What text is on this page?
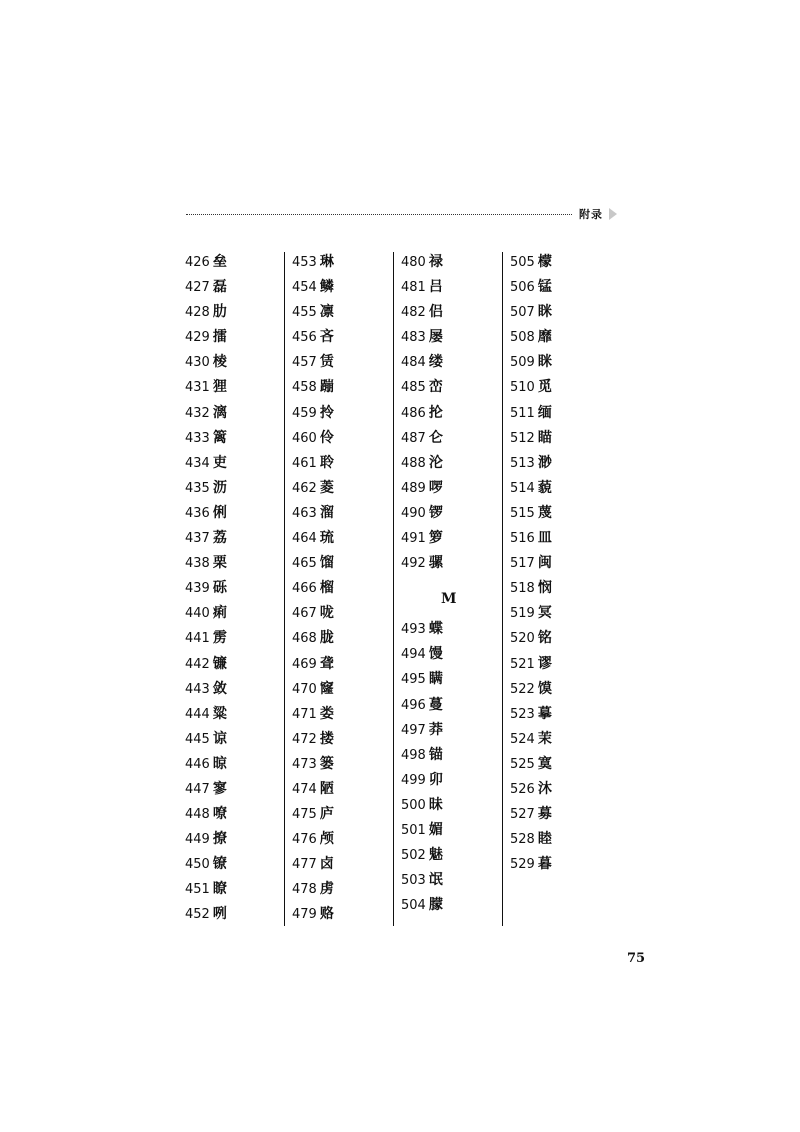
附录
426 垒
427 磊
428 肋
429 擂
430 棱
431 狸
432 漓
433 篱
434 吏
435 沥
436 俐
437 荔
438 栗
439 砾
440 痢
441 雳
442 镰
443 敛
444 粱
445 谅
446 晾
447 寥
448 嘹
449 撩
450 镣
451 瞭
452 咧
453 琳
454 鳞
455 凛
456 吝
457 赁
458 蹦
459 拎
460 伶
461 聆
462 菱
463 溜
464 琉
465 馏
466 榴
467 咙
468 胧
469 聋
470 窿
471 娄
472 搂
473 篓
474 陋
475 庐
476 颅
477 卤
478 虏
479 赂
480 禄
481 吕
482 侣
483 屡
484 缕
485 峦
486 抡
487 仑
488 沦
489 啰
490 锣
491 箩
492 骡
M
493 蝶
494 馒
495 瞒
496 蔓
497 莽
498 锚
499 卯
500 昧
501 媚
502 魅
503 氓
504 朦
505 檬
506 锰
507 眯
508 靡
509 眯
510 觅
511 缅
512 瞄
513 渺
514 藐
515 蔑
516 皿
517 闽
518 悯
519 冥
520 铭
521 谬
522 馍
523 摹
524 茉
525 寞
526 沐
527 募
528 睦
529 暮
75
